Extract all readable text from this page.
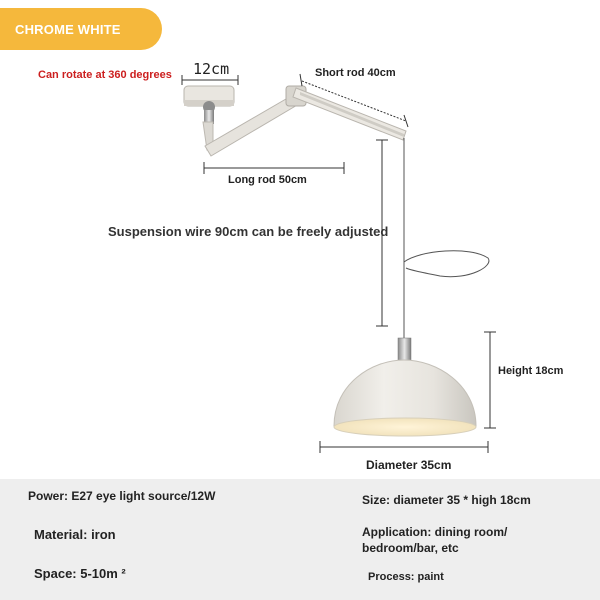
CHROME WHITE
Can rotate at 360 degrees 12cm	Short rod 40cm
Long rod 50cm
Suspension wire 90cm can be freely adjusted
Height 18cm
Diameter 35cm
Power: E27 eye light source/12W	Size: diameter 35 * high 18cm
Material: iron	Application: dining room/ bedroom/bar, etc
Space: 5-10m ²	Process: paint
